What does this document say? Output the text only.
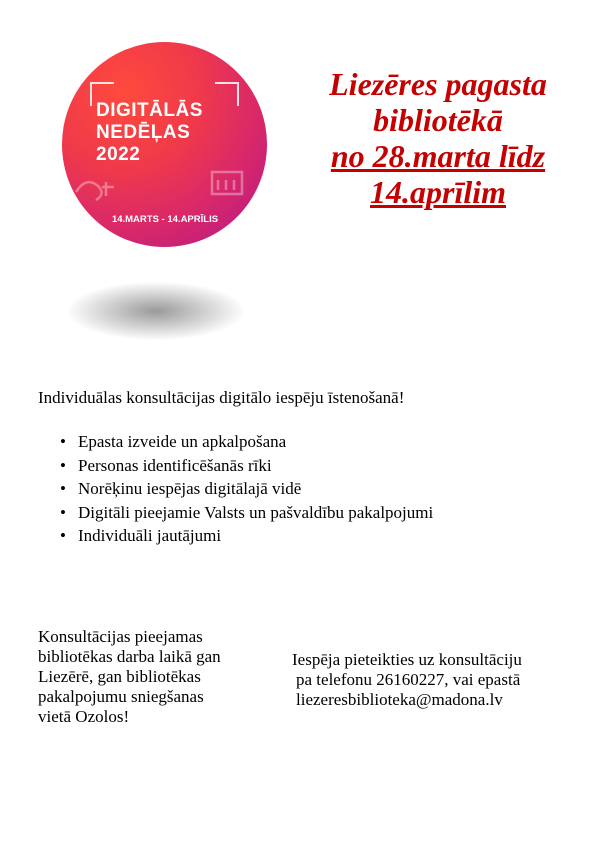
DIGITĀLĀS
NEDĒĻAS
2022
14.MARTS - 14.APRĪLIS
Liezēres pagasta
bibliotēkā
no 28.marta līdz
14.aprīlim
Individuālas konsultācijas digitālo iespēju īstenošanā!
• Epasta izveide un apkalpošana
• Personas identificēšanās rīki
• Norēķinu iespējas digitālajā vidē
• Digitāli pieejamie Valsts un pašvaldību pakalpojumi
• Individuāli jautājumi
Konsultācijas pieejamas
bibliotēkas darba laikā gan
Liezērē, gan bibliotēkas
pakalpojumu sniegšanas
vietā Ozolos!
Iespēja pieteikties uz konsultāciju
pa telefonu 26160227, vai epastā
liezeresbiblioteka@madona.lv
